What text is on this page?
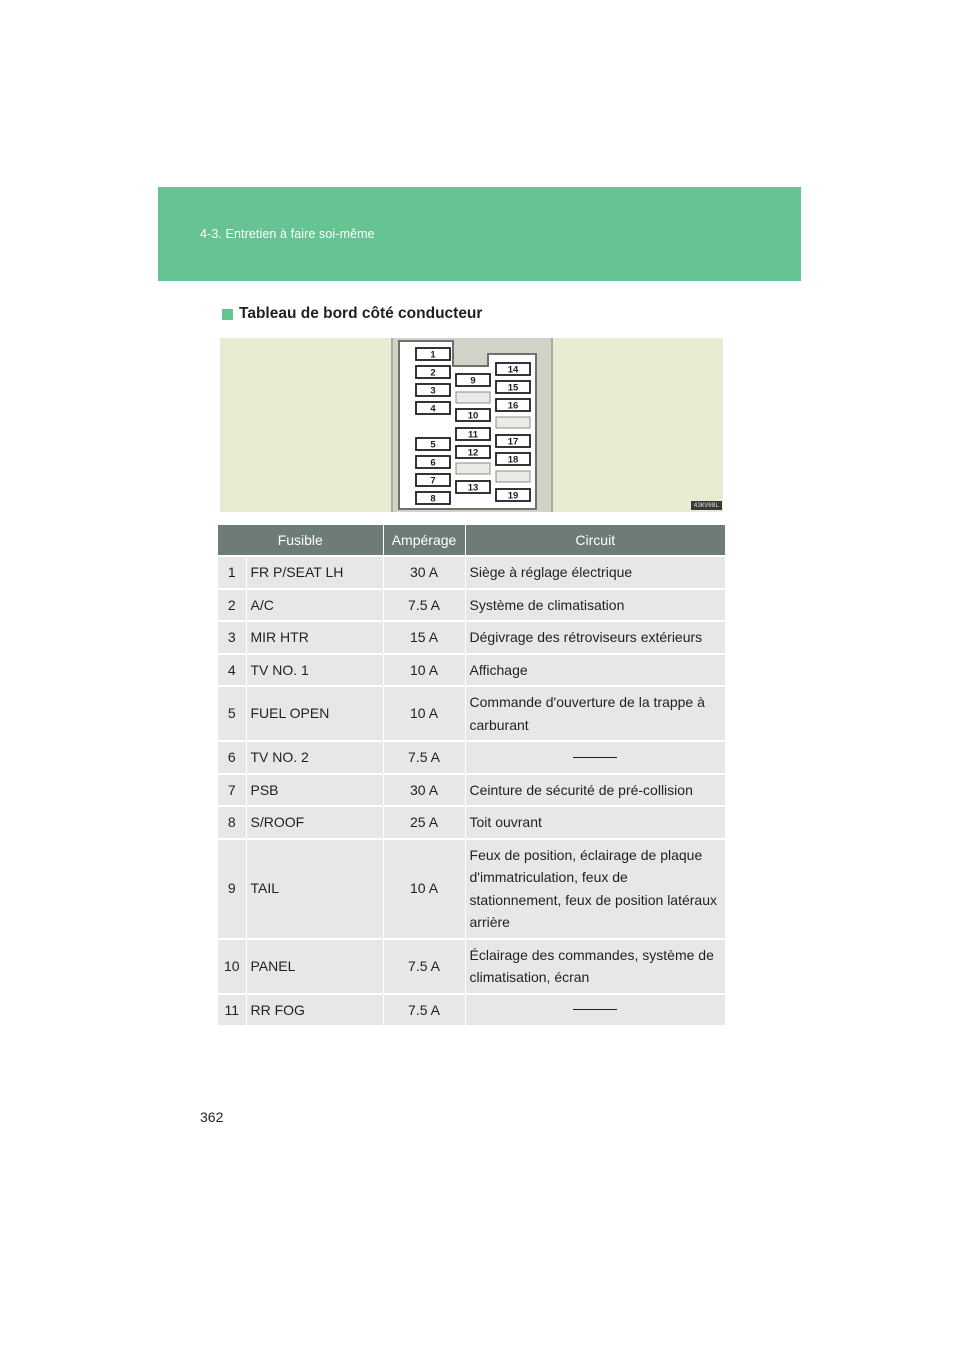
4-3. Entretien à faire soi-même
Tableau de bord côté conducteur
1
2
3
4
5
6
7
8
9
10
11
12
13
14
15
16
17
18
19
43KV08L
Fusible		Ampérage	Circuit
1	FR P/SEAT LH	30 A	Siège à réglage électrique
2	A/C	7.5 A	Système de climatisation
3	MIR HTR	15 A	Dégivrage des rétroviseurs extérieurs
4	TV NO. 1	10 A	Affichage
5	FUEL OPEN	10 A	Commande d'ouverture de la trappe à carburant
6	TV NO. 2	7.5 A	

7	PSB	30 A	Ceinture de sécurité de pré-collision
8	S/ROOF	25 A	Toit ouvrant
9	TAIL	10 A	Feux de position, éclairage de plaque d'immatriculation, feux de stationnement, feux de position latéraux arrière
10	PANEL	7.5 A	Éclairage des commandes, système de climatisation, écran
11	RR FOG	7.5 A	
362
